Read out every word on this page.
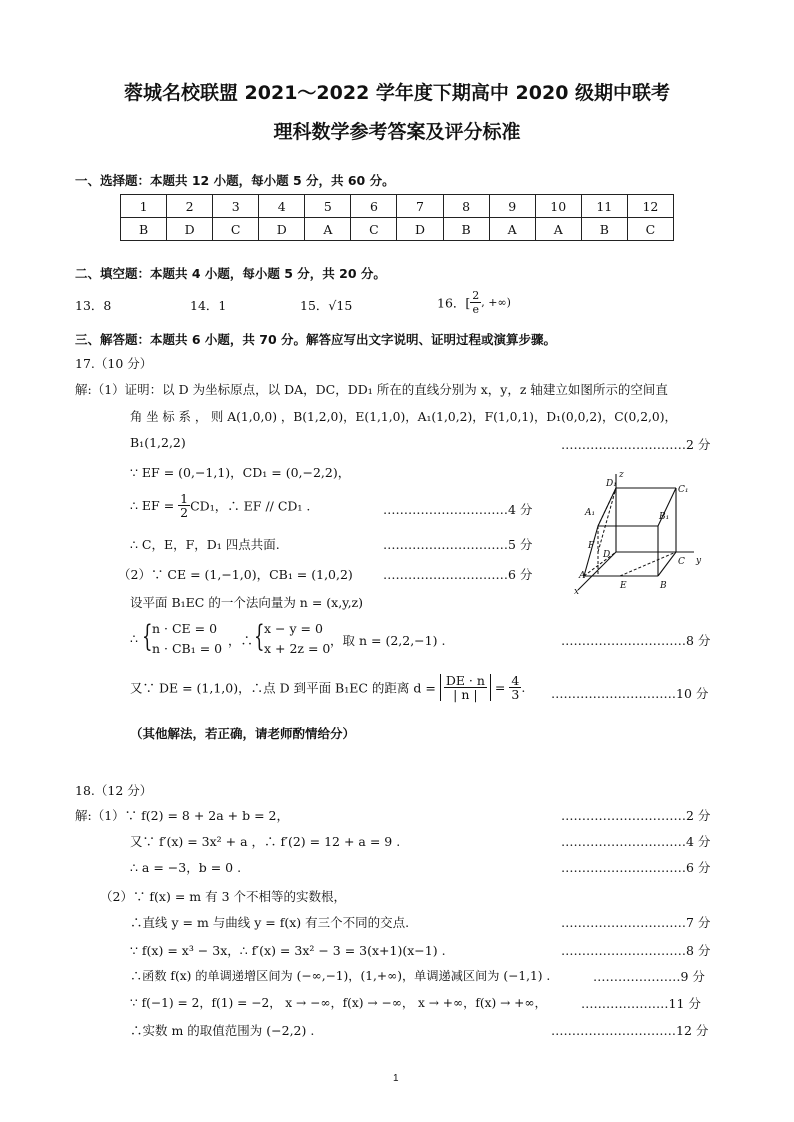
蓉城名校联盟 2021～2022 学年度下期高中 2020 级期中联考
理科数学参考答案及评分标准
一、选择题：本题共 12 小题，每小题 5 分，共 60 分。
1	2	3	4	5	6	7	8	9	10	11	12
B	D	C	D	A	C	D	B	A	A	B	C
二、填空题：本题共 4 小题，每小题 5 分，共 20 分。
13．8	14．1	15．√15	16．[ $\frac{2}{e}$ , +∞)
三、解答题：本题共 6 小题，共 70 分。解答应写出文字说明、证明过程或演算步骤。
17.（10 分）
解:（1）证明：以 D 为坐标原点，以 DA，DC，DD₁ 所在的直线分别为 x，y，z 轴建立如图所示的空间直
角 坐 标 系 ， 则 A(1,0,0) ，B(1,2,0)，E(1,1,0)，A₁(1,0,2)，F(1,0,1)，D₁(0,0,2)，C(0,2,0)，
B₁(1,2,2)	…………………………2 分
∵ EF = (0,−1,1)，CD₁ = (0,−2,2)，
∴ EF = $\frac{1}{2} CD_1$，∴ EF // CD₁ .	…………………………4 分
∴ C，E，F，D₁ 四点共面.	…………………………5 分
（2）∵ CE = (1,−1,0)，CB₁ = (1,0,2) …………………………6 分
设平面 B₁EC 的一个法向量为 n = (x,y,z)
∴ { n · CE = 0
n · CB₁ = 0
，∴ { x − y = 0
x + 2z = 0
，取 n = (2,2,−1) .	…………………………8 分
又∵ DE = (1,1,0)，∴点 D 到平面 B₁EC 的距离 $d = \frac{DE \cdot n}{| n |} = \frac{4}{3}$ . …………………………10 分
（其他解法，若正确，请老师酌情给分）
D₁
z
C₁
A₁	B₁
F
D
y
A
E	B
C
x
18.（12 分）
解:（1）∵ f(2) = 8 + 2a + b = 2，	…………………………2 分
又∵ f′(x) = 3x² + a ，∴ f′(2) = 12 + a = 9 .	…………………………4 分
∴ a = −3，b = 0 .	…………………………6 分
（2）∵ f(x) = m 有 3 个不相等的实数根，
∴直线 y = m 与曲线 y = f(x) 有三个不同的交点.	…………………………7 分
∵ f(x) = x³ − 3x，∴ f′(x) = 3x² − 3 = 3(x+1)(x−1) .	…………………………8 分
∴函数 f(x) 的单调递增区间为 (−∞,−1)，(1,+∞)，单调递减区间为 (−1,1) .	…………………9 分
∵ f(−1) = 2，f(1) = −2， x → −∞，f(x) → −∞， x → +∞，f(x) → +∞，	…………………11 分
∴实数 m 的取值范围为 (−2,2) .	…………………………12 分
1
